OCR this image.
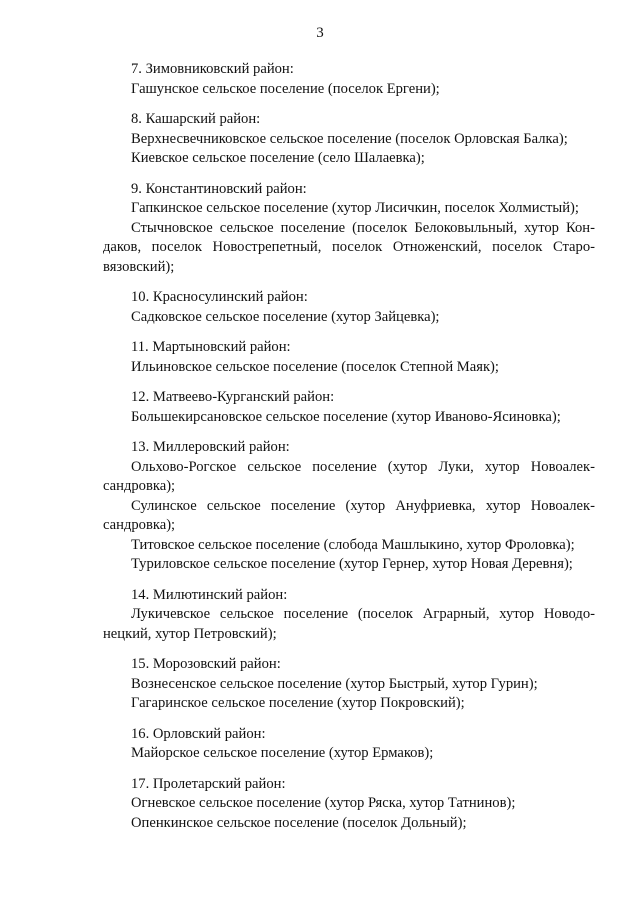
3

7. Зимовниковский район:

Гашунское сельское поселение (поселок Ергени);

8. Кашарский район:

Верхнесвечниковское сельское поселение (поселок Орловская Балка);

Киевское сельское поселение (село Шалаевка);

9. Константиновский район:

Гапкинское сельское поселение (хутор Лисичкин, поселок Холмистый);

Стычновское сельское поселение (поселок Белоковыльный, хутор Кондаков, поселок Новострепетный, поселок Отноженский, поселок Старовязовский);

10. Красносулинский район:

Садковское сельское поселение (хутор Зайцевка);

11. Мартыновский район:

Ильиновское сельское поселение (поселок Степной Маяк);

12. Матвеево-Курганский район:

Большекирсановское сельское поселение (хутор Иваново-Ясиновка);

13. Миллеровский район:

Ольхово-Рогское сельское поселение (хутор Луки, хутор Новоалександровка);

Сулинское сельское поселение (хутор Ануфриевка, хутор Новоалександровка);

Титовское сельское поселение (слобода Машлыкино, хутор Фроловка);

Туриловское сельское поселение (хутор Гернер, хутор Новая Деревня);

14. Милютинский район:

Лукичевское сельское поселение (поселок Аграрный, хутор Новодонецкий, хутор Петровский);

15. Морозовский район:

Вознесенское сельское поселение (хутор Быстрый, хутор Гурин);

Гагаринское сельское поселение (хутор Покровский);

16. Орловский район:

Майорское сельское поселение (хутор Ермаков);

17. Пролетарский район:

Огневское сельское поселение (хутор Ряска, хутор Татнинов);

Опенкинское сельское поселение (поселок Дольный);
